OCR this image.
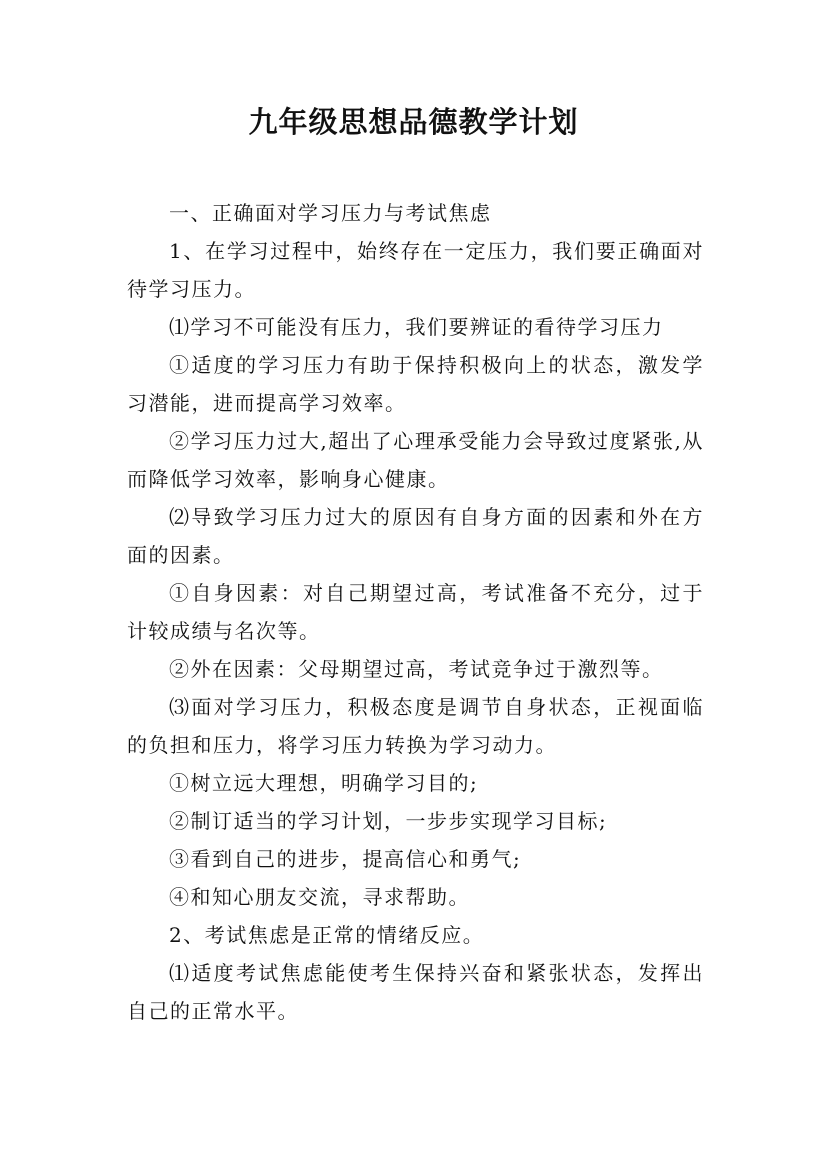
九年级思想品德教学计划

一、正确面对学习压力与考试焦虑

1、在学习过程中，始终存在一定压力，我们要正确面对待学习压力。

⑴学习不可能没有压力，我们要辨证的看待学习压力

①适度的学习压力有助于保持积极向上的状态，激发学习潜能，进而提高学习效率。

②学习压力过大,超出了心理承受能力会导致过度紧张,从而降低学习效率，影响身心健康。

⑵导致学习压力过大的原因有自身方面的因素和外在方面的因素。

①自身因素：对自己期望过高，考试准备不充分，过于计较成绩与名次等。

②外在因素：父母期望过高，考试竞争过于激烈等。

⑶面对学习压力，积极态度是调节自身状态，正视面临的负担和压力，将学习压力转换为学习动力。

①树立远大理想，明确学习目的;

②制订适当的学习计划，一步步实现学习目标;

③看到自己的进步，提高信心和勇气;

④和知心朋友交流，寻求帮助。

2、考试焦虑是正常的情绪反应。

⑴适度考试焦虑能使考生保持兴奋和紧张状态，发挥出自己的正常水平。
